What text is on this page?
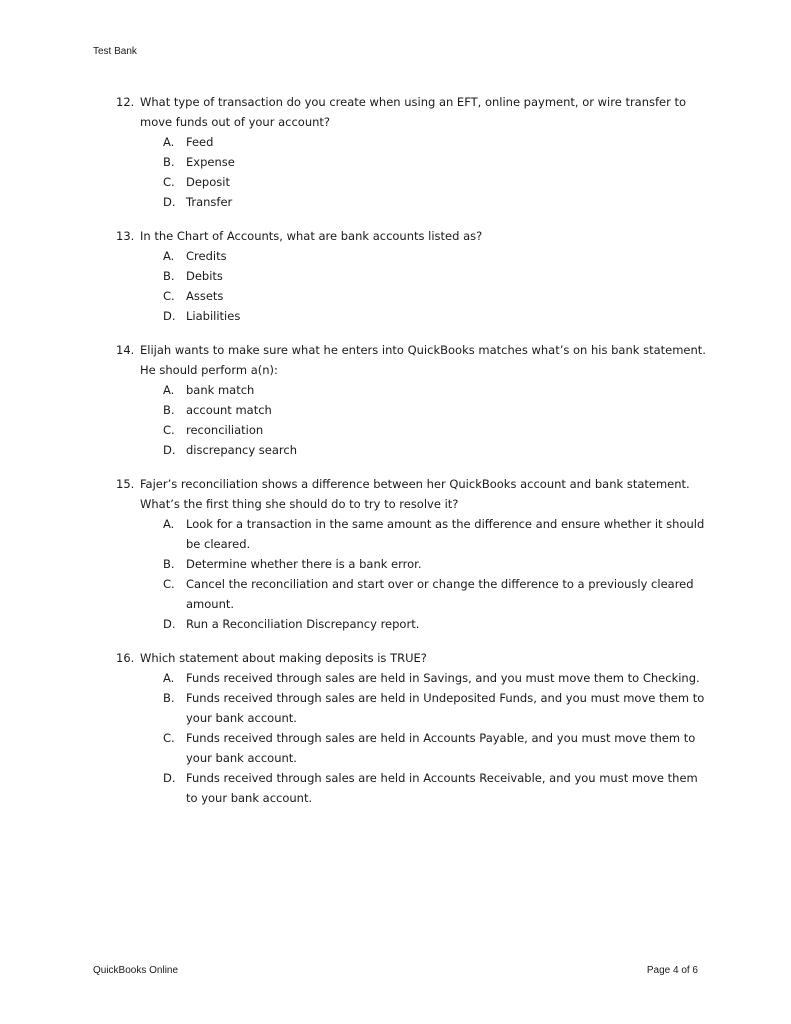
Test Bank
12. What type of transaction do you create when using an EFT, online payment, or wire transfer to move funds out of your account?
A.	Feed
B. Expense
C. Deposit
D. Transfer
13. In the Chart of Accounts, what are bank accounts listed as?
A.	Credits
B. Debits
C. Assets
D. Liabilities
14. Elijah wants to make sure what he enters into QuickBooks matches what’s on his bank statement. He should perform a(n):
A.	bank match
B. account match
C. reconciliation
D. discrepancy search
15. Fajer’s reconciliation shows a difference between her QuickBooks account and bank statement. What’s the first thing she should do to try to resolve it?
A.	Look for a transaction in the same amount as the difference and ensure whether it should be cleared.
B. Determine whether there is a bank error.
C. Cancel the reconciliation and start over or change the difference to a previously cleared amount.
D. Run a Reconciliation Discrepancy report.
16. Which statement about making deposits is TRUE?
A.	Funds received through sales are held in Savings, and you must move them to Checking.
B. Funds received through sales are held in Undeposited Funds, and you must move them to your bank account.
C. Funds received through sales are held in Accounts Payable, and you must move them to your bank account.
D. Funds received through sales are held in Accounts Receivable, and you must move them to your bank account.
QuickBooks Online	Page 4 of 6
